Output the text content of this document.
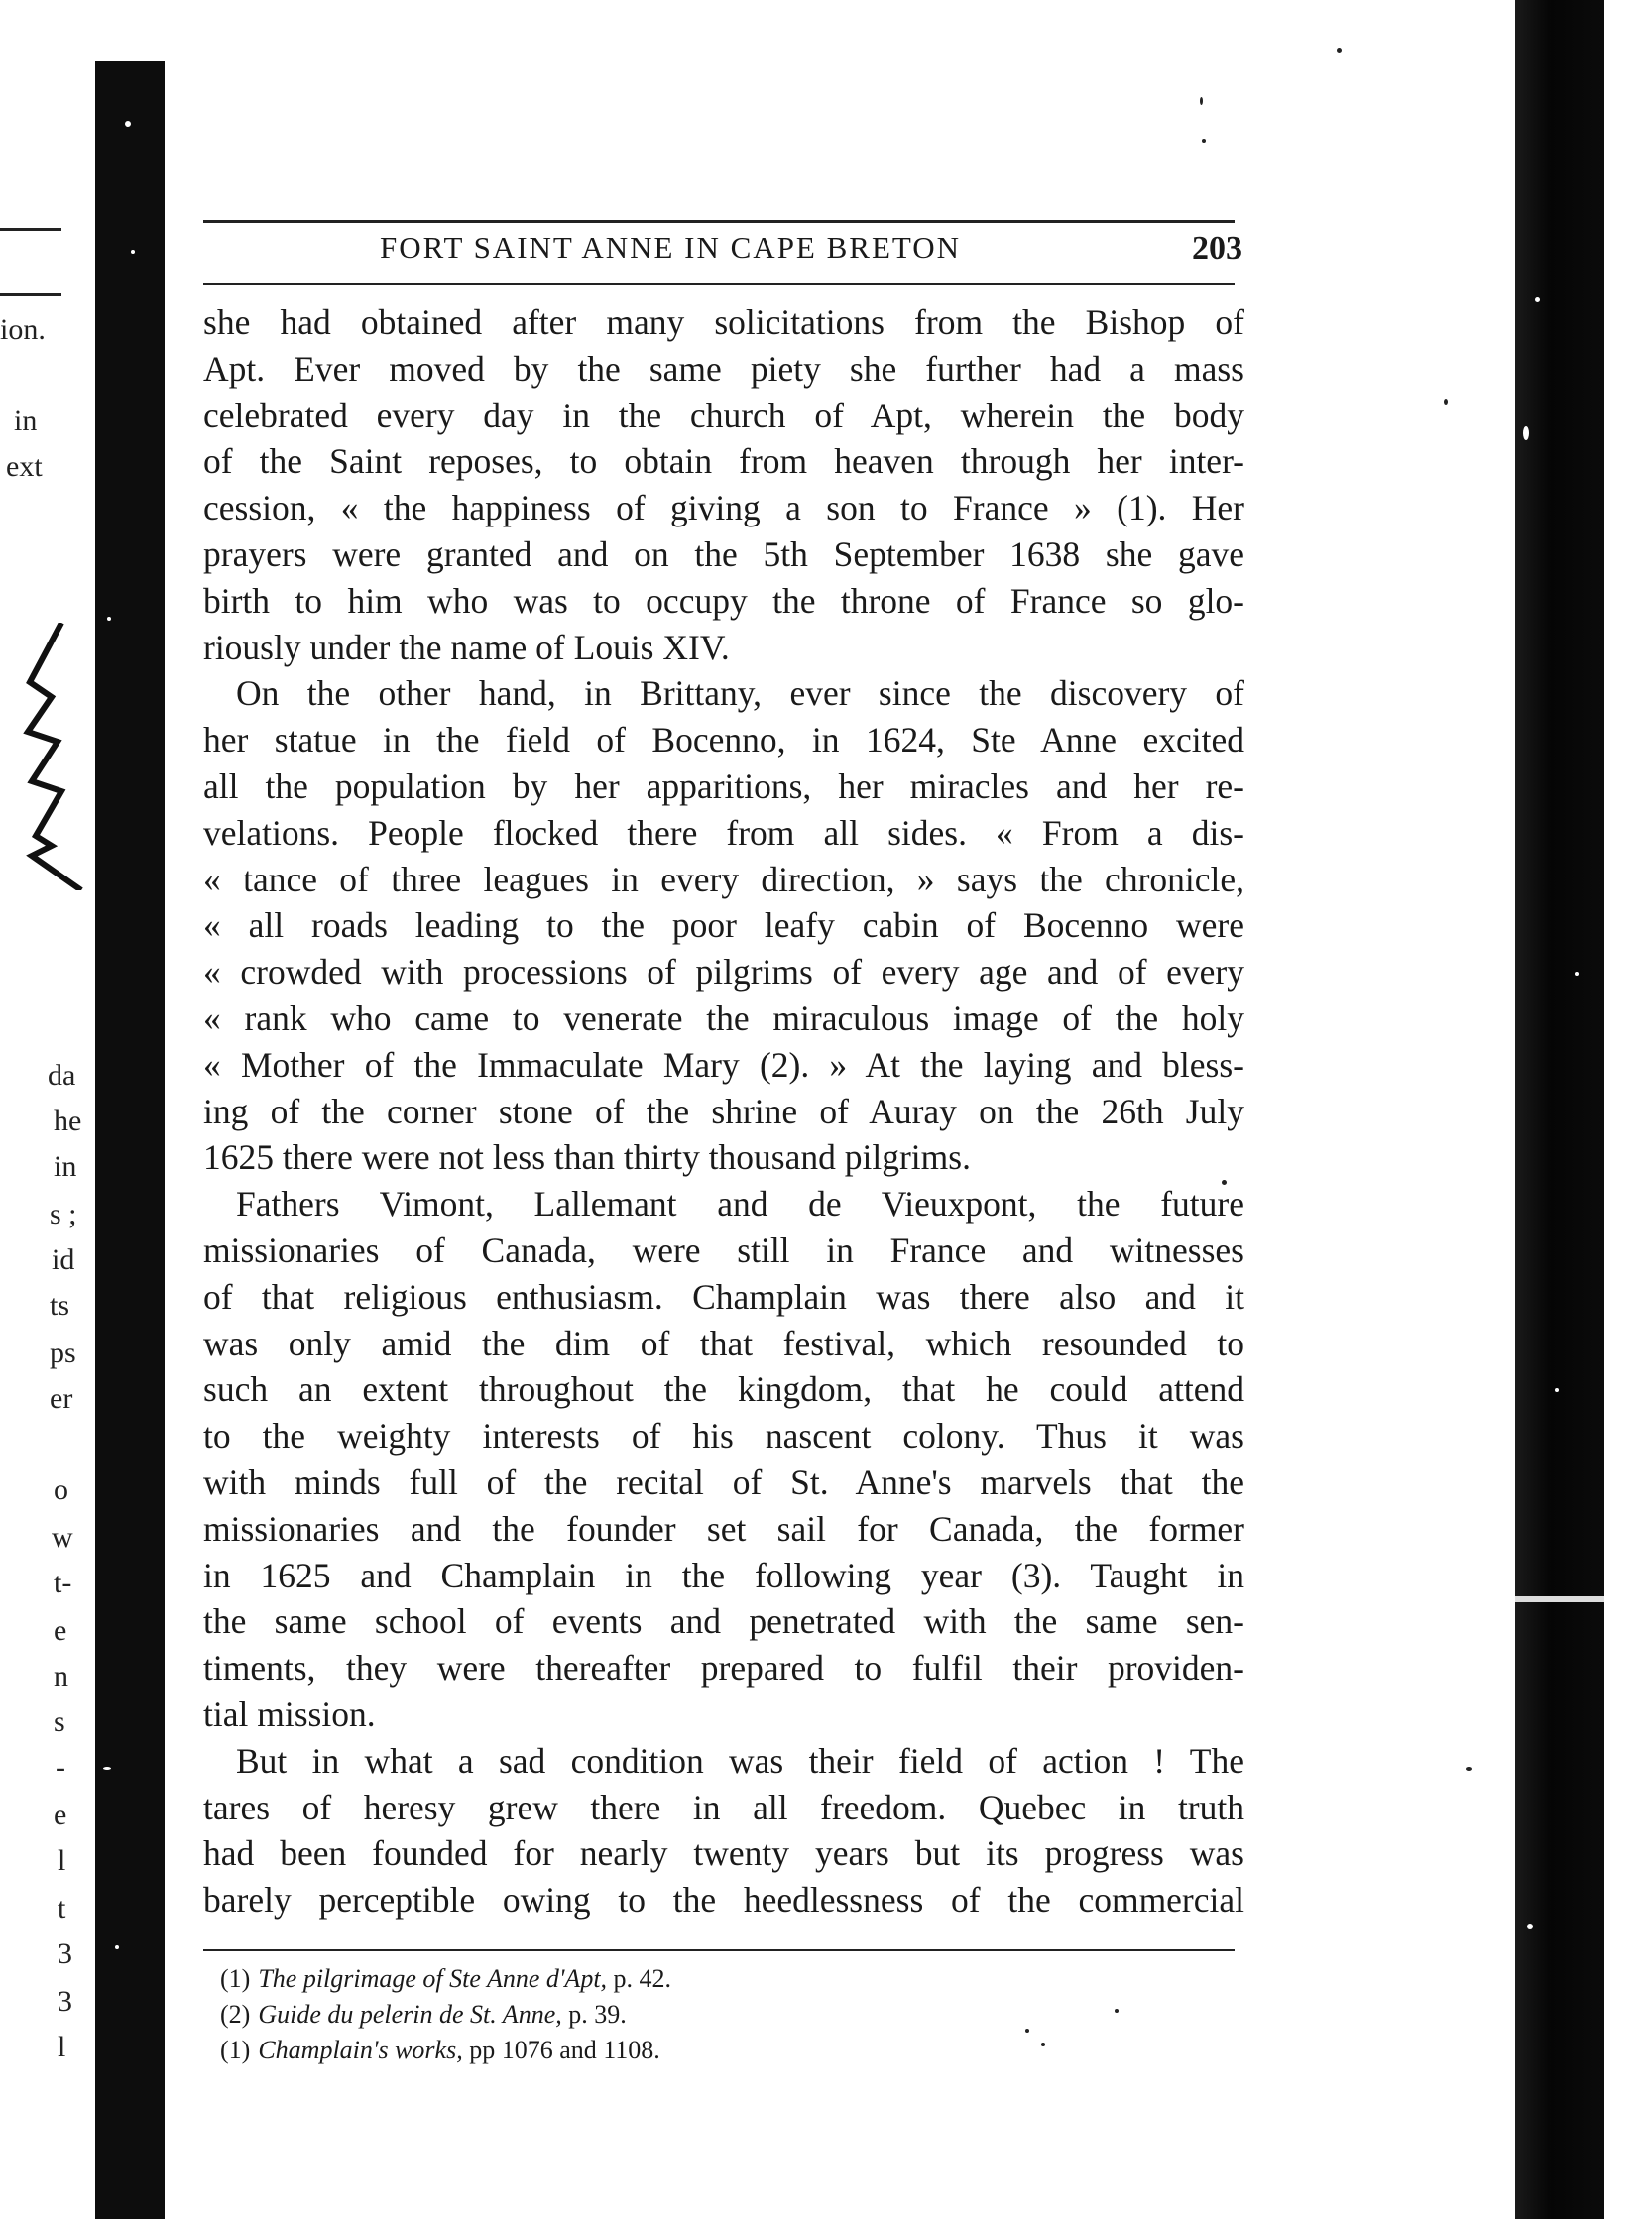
ion.
in
ext
da
he
in
s ;
id
ts
ps
er
o
w
t-
e
n
s
-
e
l
t
3
3
l
FORT SAINT ANNE IN CAPE BRETON	203
she had obtained after many solicitations from the Bishop of
Apt. Ever moved by the same piety she further had a mass
celebrated every day in the church of Apt, wherein the body
of the Saint reposes, to obtain from heaven through her inter-
cession, « the happiness of giving a son to France » (1). Her
prayers were granted and on the 5th September 1638 she gave
birth to him who was to occupy the throne of France so glo-
riously under the name of Louis XIV.
On the other hand, in Brittany, ever since the discovery of
her statue in the field of Bocenno, in 1624, Ste Anne excited
all the population by her apparitions, her miracles and her re-
velations. People flocked there from all sides. « From a dis-
« tance of three leagues in every direction, » says the chronicle,
« all roads leading to the poor leafy cabin of Bocenno were
« crowded with processions of pilgrims of every age and of every
« rank who came to venerate the miraculous image of the holy
« Mother of the Immaculate Mary (2). » At the laying and bless-
ing of the corner stone of the shrine of Auray on the 26th July
1625 there were not less than thirty thousand pilgrims.
Fathers Vimont, Lallemant and de Vieuxpont, the future
missionaries of Canada, were still in France and witnesses
of that religious enthusiasm. Champlain was there also and it
was only amid the dim of that festival, which resounded to
such an extent throughout the kingdom, that he could attend
to the weighty interests of his nascent colony. Thus it was
with minds full of the recital of St. Anne's marvels that the
missionaries and the founder set sail for Canada, the former
in 1625 and Champlain in the following year (3). Taught in
the same school of events and penetrated with the same sen-
timents, they were thereafter prepared to fulfil their providen-
tial mission.
But in what a sad condition was their field of action ! The
tares of heresy grew there in all freedom. Quebec in truth
had been founded for nearly twenty years but its progress was
barely perceptible owing to the heedlessness of the commercial
(1) The pilgrimage of Ste Anne d'Apt, p. 42.
(2) Guide du pelerin de St. Anne, p. 39.
(1) Champlain's works, pp 1076 and 1108.
